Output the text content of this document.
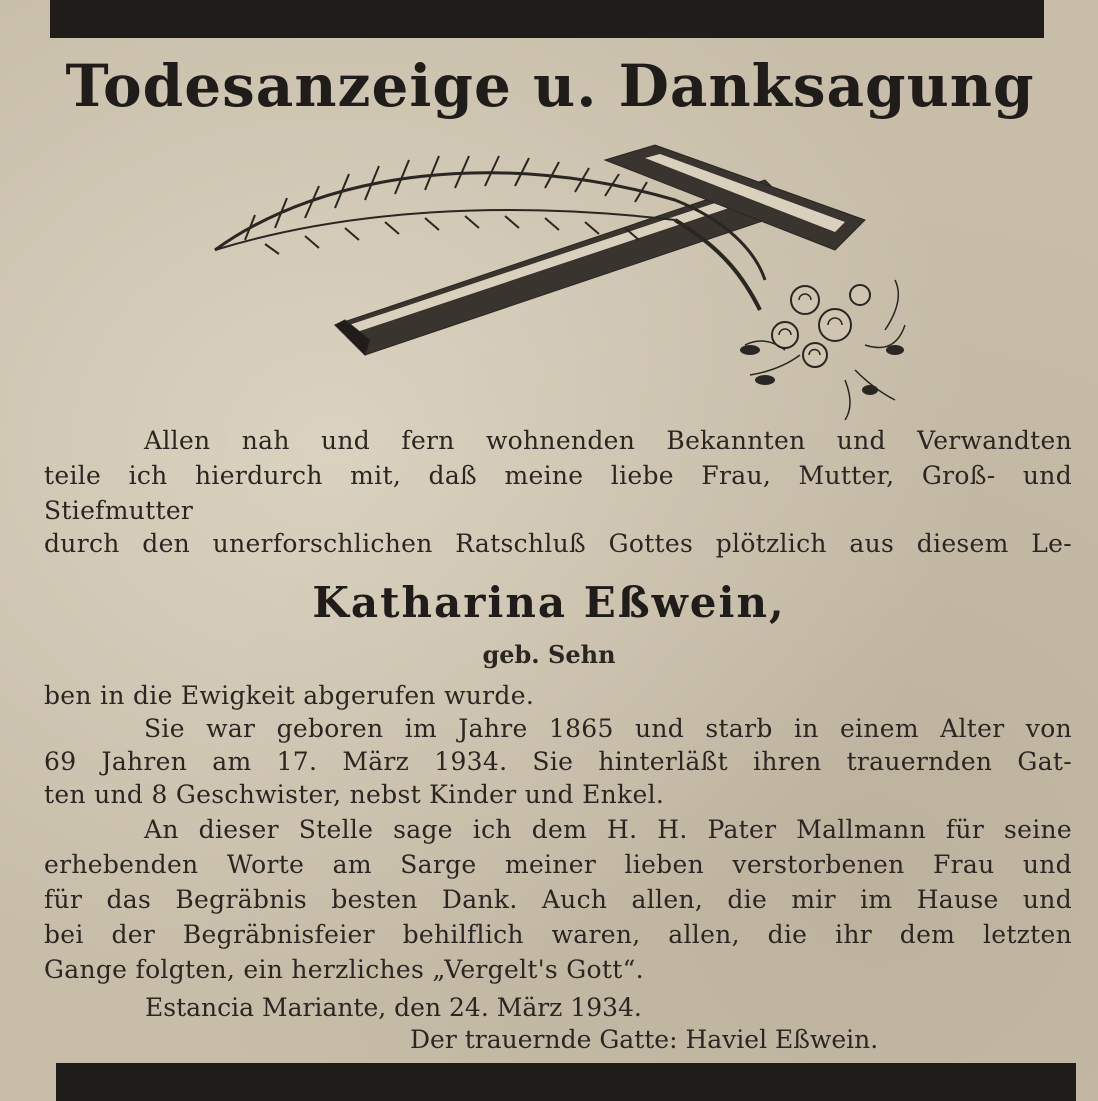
Todesanzeige u. Danksagung
Allen nah und fern wohnenden Bekannten und Verwandten
teile ich hierdurch mit, daß meine liebe Frau, Mutter, Groß- und
Stiefmutter
durch den unerforschlichen Ratschluß Gottes plötzlich aus diesem Le-
Katharina Eßwein,
geb. Sehn
ben in die Ewigkeit abgerufen wurde.
Sie war geboren im Jahre 1865 und starb in einem Alter von
69 Jahren am 17. März 1934. Sie hinterläßt ihren trauernden Gat-
ten und 8 Geschwister, nebst Kinder und Enkel.
An dieser Stelle sage ich dem H. H. Pater Mallmann für seine
erhebenden Worte am Sarge meiner lieben verstorbenen Frau und
für das Begräbnis besten Dank. Auch allen, die mir im Hause und
bei der Begräbnisfeier behilflich waren, allen, die ihr dem letzten
Gange folgten, ein herzliches „Vergelt's Gott“.
Estancia Mariante, den 24. März 1934.
Der trauernde Gatte: Haviel Eßwein.
